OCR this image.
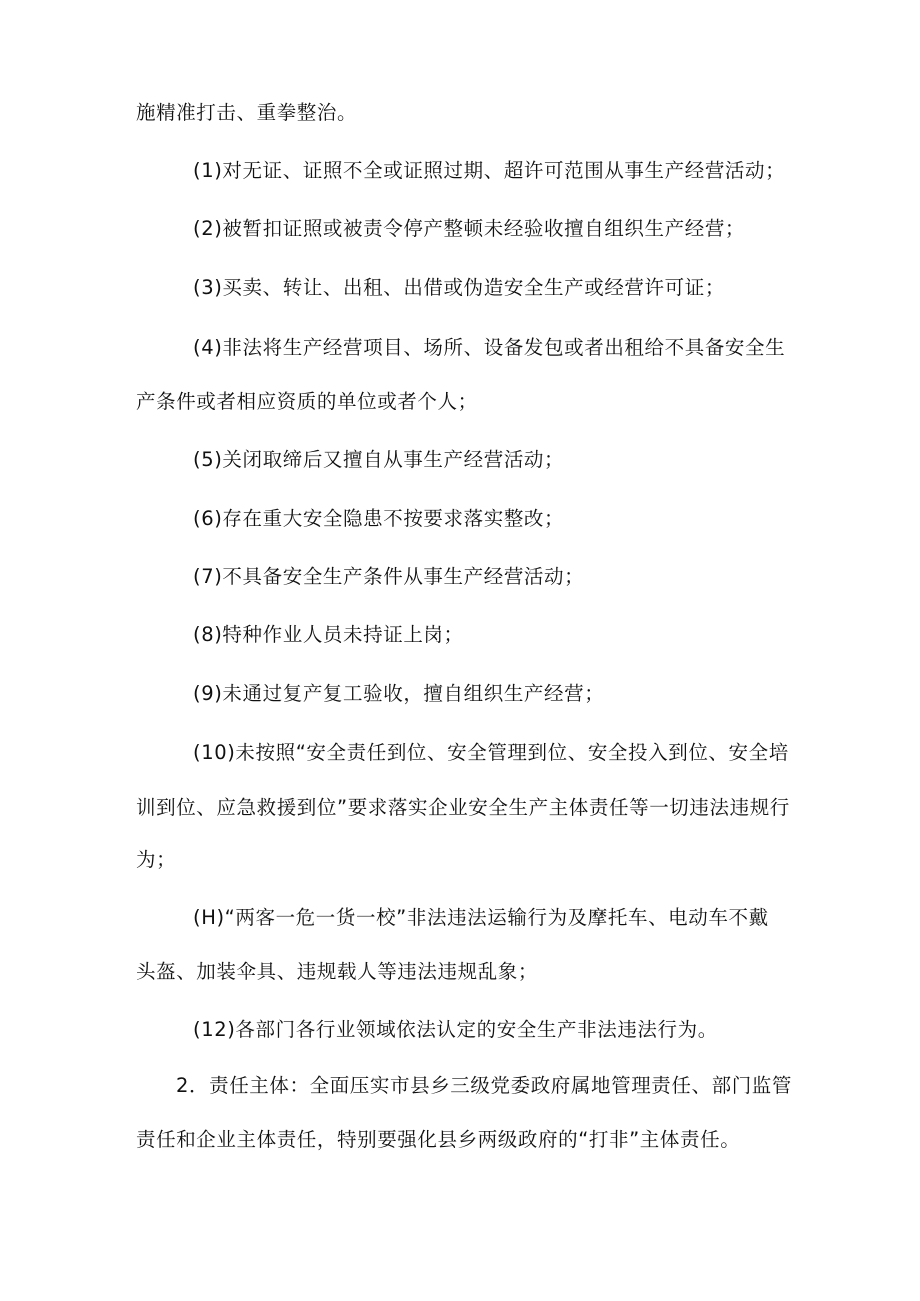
施精准打击、重拳整治。
(1)对无证、证照不全或证照过期、超许可范围从事生产经营活动；
(2)被暂扣证照或被责令停产整顿未经验收擅自组织生产经营；
(3)买卖、转让、出租、出借或伪造安全生产或经营许可证；
(4)非法将生产经营项目、场所、设备发包或者出租给不具备安全生
产条件或者相应资质的单位或者个人；
(5)关闭取缔后又擅自从事生产经营活动；
(6)存在重大安全隐患不按要求落实整改；
(7)不具备安全生产条件从事生产经营活动；
(8)特种作业人员未持证上岗；
(9)未通过复产复工验收，擅自组织生产经营；
(10)未按照“安全责任到位、安全管理到位、安全投入到位、安全培
训到位、应急救援到位”要求落实企业安全生产主体责任等一切违法违规行
为；
(H)“两客一危一货一校”非法违法运输行为及摩托车、电动车不戴
头盔、加装伞具、违规载人等违法违规乱象；
(12)各部门各行业领域依法认定的安全生产非法违法行为。
2．责任主体：全面压实市县乡三级党委政府属地管理责任、部门监管
责任和企业主体责任，特别要强化县乡两级政府的“打非”主体责任。
